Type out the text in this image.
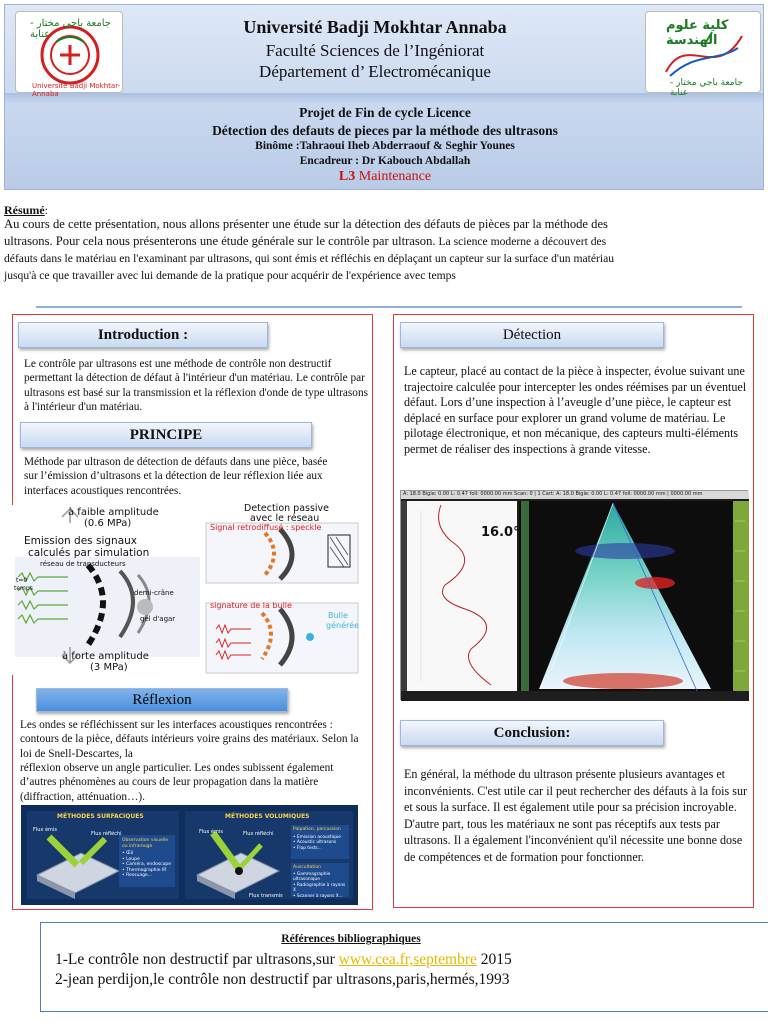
جامعة باجي مختار - عنابة
Université Badji Mokhtar-Annaba
Université Badji Mokhtar Annaba
Faculté Sciences de l’Ingéniorat
Département d’ Electromécanique
كلية علوم الهندسة
جامعة باجي مختار - عنابة
Projet de Fin de cycle Licence
Détection des defauts de pieces par la méthode des ultrasons
Binôme :Tahraoui Iheb Abderraouf & Seghir Younes
Encadreur : Dr Kabouch Abdallah
L3 Maintenance
Résumé:
Au cours de cette présentation, nous allons présenter une étude sur la détection des défauts de pièces par la méthode des
ultrasons. Pour cela nous présenterons une étude générale sur le contrôle par ultrason. La science moderne a découvert des
défauts dans le matériau en l'examinant par ultrasons, qui sont émis et réfléchis en déplaçant un capteur sur la surface d'un matériau
jusqu'à ce que travailler avec lui demande de la pratique pour acquérir de l'expérience avec temps
Introduction :
Le contrôle par ultrasons est une méthode de contrôle non destructif permettant la détection de défaut à l'intérieur d'un matériau. Le contrôle par ultrasons est basé sur la transmission et la réflexion d'onde de type ultrasons à l'intérieur d'un matériau.
PRINCIPE
Méthode par ultrason de détection de défauts dans une pièce, basée sur l’émission d’ultrasons et la détection de leur réflexion liée aux interfaces acoustiques rencontrées.
à faible amplitude
(0.6 MPa)
Emission des signaux
calculés par simulation
réseau de transducteurs
demi-crâne
gel d'agar
t=0
temps
à forte amplitude
(3 MPa)
Detection passive
avec le réseau
Signal retrodiffusé : speckle
signature de la bulle
Bulle
générée
Réflexion
Les ondes se réfléchissent sur les interfaces acoustiques rencontrées : contours de la pièce, défauts intérieurs voire grains des matériaux. Selon la loi de Snell-Descartes, la
réflexion observe un angle particulier. Les ondes subissent également d’autres phénomènes au cours de leur propagation dans la matière (diffraction, atténuation…).
MÉTHODES SURFACIQUES	MÉTHODES VOLUMIQUES
Flux émis
Flux réfléchi	Flux émis	Flux réfléchi
Flux transmis
Observation visuelle ou infrarouge
• Œil
• Loupe
• Caméra, endoscope
• Thermographie IR
• Ressuage...
Palpation, percussion
• Emission acoustique
• Acoustic ultrasons
• Flap tests...
Auscultation
• Gammagraphie ultrasonique
• Radiographie à rayons X
• Scanner à rayons X...
Détection
Le capteur, placé au contact de la pièce à inspecter, évolue suivant une trajectoire calculée pour intercepter les ondes réémises par un éventuel défaut. Lors d’une inspection à l’aveugle d’une pièce, le capteur est déplacé en surface pour explorer un grand volume de matériau. Le pilotage électronique, et non mécanique, des capteurs multi-éléments permet de réaliser des inspections à grande vitesse.
A: 18.0 Bigle: 0.00 L: 0.47 foll: 0000.00 mm Scan: 0 | 1 Cart: A: 18.0 Bigle: 0.00 L: 0.47 foll: 0000.00 mm | 0000.00 mm
16.0°
Conclusion:
En général, la méthode du ultrason présente plusieurs avantages et inconvénients. C'est utile car il peut rechercher des défauts à la fois sur et sous la surface. Il est également utile pour sa précision incroyable. D'autre part, tous les matériaux ne sont pas réceptifs aux tests par ultrasons. Il a également l'inconvénient qu'il nécessite une bonne dose de compétences et de formation pour fonctionner.
Références bibliographiques
1-Le contrôle non destructif par ultrasons,sur www.cea.fr,septembre 2015
2-jean perdijon,le contrôle non destructif par ultrasons,paris,hermés,1993
